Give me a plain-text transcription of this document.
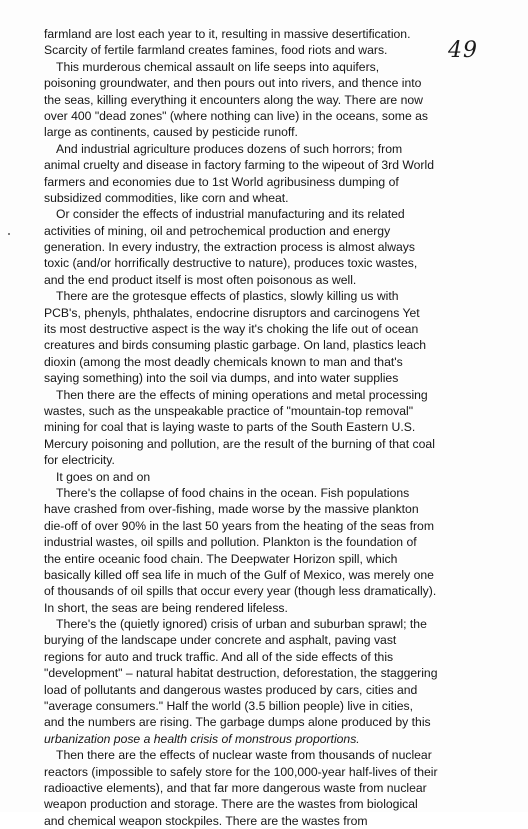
49
farmland are lost each year to it, resulting in massive desertification.
Scarcity of fertile farmland creates famines, food riots and wars.
This murderous chemical assault on life seeps into aquifers,
poisoning groundwater, and then pours out into rivers, and thence into
the seas, killing everything it encounters along the way. There are now
over 400 "dead zones" (where nothing can live) in the oceans, some as
large as continents, caused by pesticide runoff.
And industrial agriculture produces dozens of such horrors; from
animal cruelty and disease in factory farming to the wipeout of 3rd World
farmers and economies due to 1st World agribusiness dumping of
subsidized commodities, like corn and wheat.
Or consider the effects of industrial manufacturing and its related
activities of mining, oil and petrochemical production and energy
generation. In every industry, the extraction process is almost always
toxic (and/or horrifically destructive to nature), produces toxic wastes,
and the end product itself is most often poisonous as well.
There are the grotesque effects of plastics, slowly killing us with
PCB's, phenyls, phthalates, endocrine disruptors and carcinogens Yet
its most destructive aspect is the way it's choking the life out of ocean
creatures and birds consuming plastic garbage. On land, plastics leach
dioxin (among the most deadly chemicals known to man and that's
saying something) into the soil via dumps, and into water supplies
Then there are the effects of mining operations and metal processing
wastes, such as the unspeakable practice of "mountain-top removal"
mining for coal that is laying waste to parts of the South Eastern U.S.
Mercury poisoning and pollution, are the result of the burning of that coal
for electricity.
It goes on and on
There's the collapse of food chains in the ocean. Fish populations
have crashed from over-fishing, made worse by the massive plankton
die-off of over 90% in the last 50 years from the heating of the seas from
industrial wastes, oil spills and pollution. Plankton is the foundation of
the entire oceanic food chain. The Deepwater Horizon spill, which
basically killed off sea life in much of the Gulf of Mexico, was merely one
of thousands of oil spills that occur every year (though less dramatically).
In short, the seas are being rendered lifeless.
There's the (quietly ignored) crisis of urban and suburban sprawl; the
burying of the landscape under concrete and asphalt, paving vast
regions for auto and truck traffic. And all of the side effects of this
"development" – natural habitat destruction, deforestation, the staggering
load of pollutants and dangerous wastes produced by cars, cities and
"average consumers." Half the world (3.5 billion people) live in cities,
and the numbers are rising. The garbage dumps alone produced by this
urbanization pose a health crisis of monstrous proportions.
Then there are the effects of nuclear waste from thousands of nuclear
reactors (impossible to safely store for the 100,000-year half-lives of their
radioactive elements), and that far more dangerous waste from nuclear
weapon production and storage. There are the wastes from biological
and chemical weapon stockpiles. There are the wastes from
